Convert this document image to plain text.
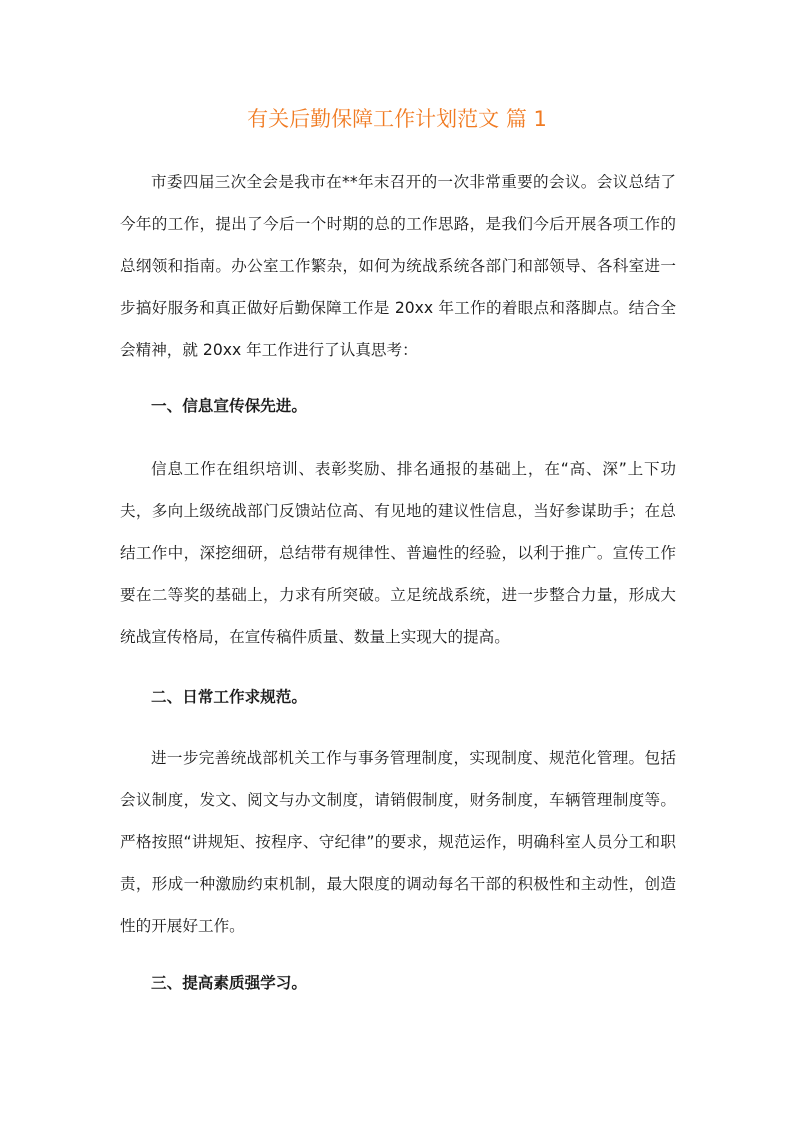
有关后勤保障工作计划范文 篇 1

市委四届三次全会是我市在**年末召开的一次非常重要的会议。会议总结了今年的工作，提出了今后一个时期的总的工作思路，是我们今后开展各项工作的总纲领和指南。办公室工作繁杂，如何为统战系统各部门和部领导、各科室进一步搞好服务和真正做好后勤保障工作是 20xx 年工作的着眼点和落脚点。结合全会精神，就 20xx 年工作进行了认真思考：

一、信息宣传保先进。

信息工作在组织培训、表彰奖励、排名通报的基础上，在“高、深”上下功夫，多向上级统战部门反馈站位高、有见地的建议性信息，当好参谋助手；在总结工作中，深挖细研，总结带有规律性、普遍性的经验，以利于推广。宣传工作要在二等奖的基础上，力求有所突破。立足统战系统，进一步整合力量，形成大统战宣传格局，在宣传稿件质量、数量上实现大的提高。

二、日常工作求规范。

进一步完善统战部机关工作与事务管理制度，实现制度、规范化管理。包括会议制度，发文、阅文与办文制度，请销假制度，财务制度，车辆管理制度等。严格按照“讲规矩、按程序、守纪律”的要求，规范运作，明确科室人员分工和职责，形成一种激励约束机制，最大限度的调动每名干部的积极性和主动性，创造性的开展好工作。

三、提高素质强学习。
